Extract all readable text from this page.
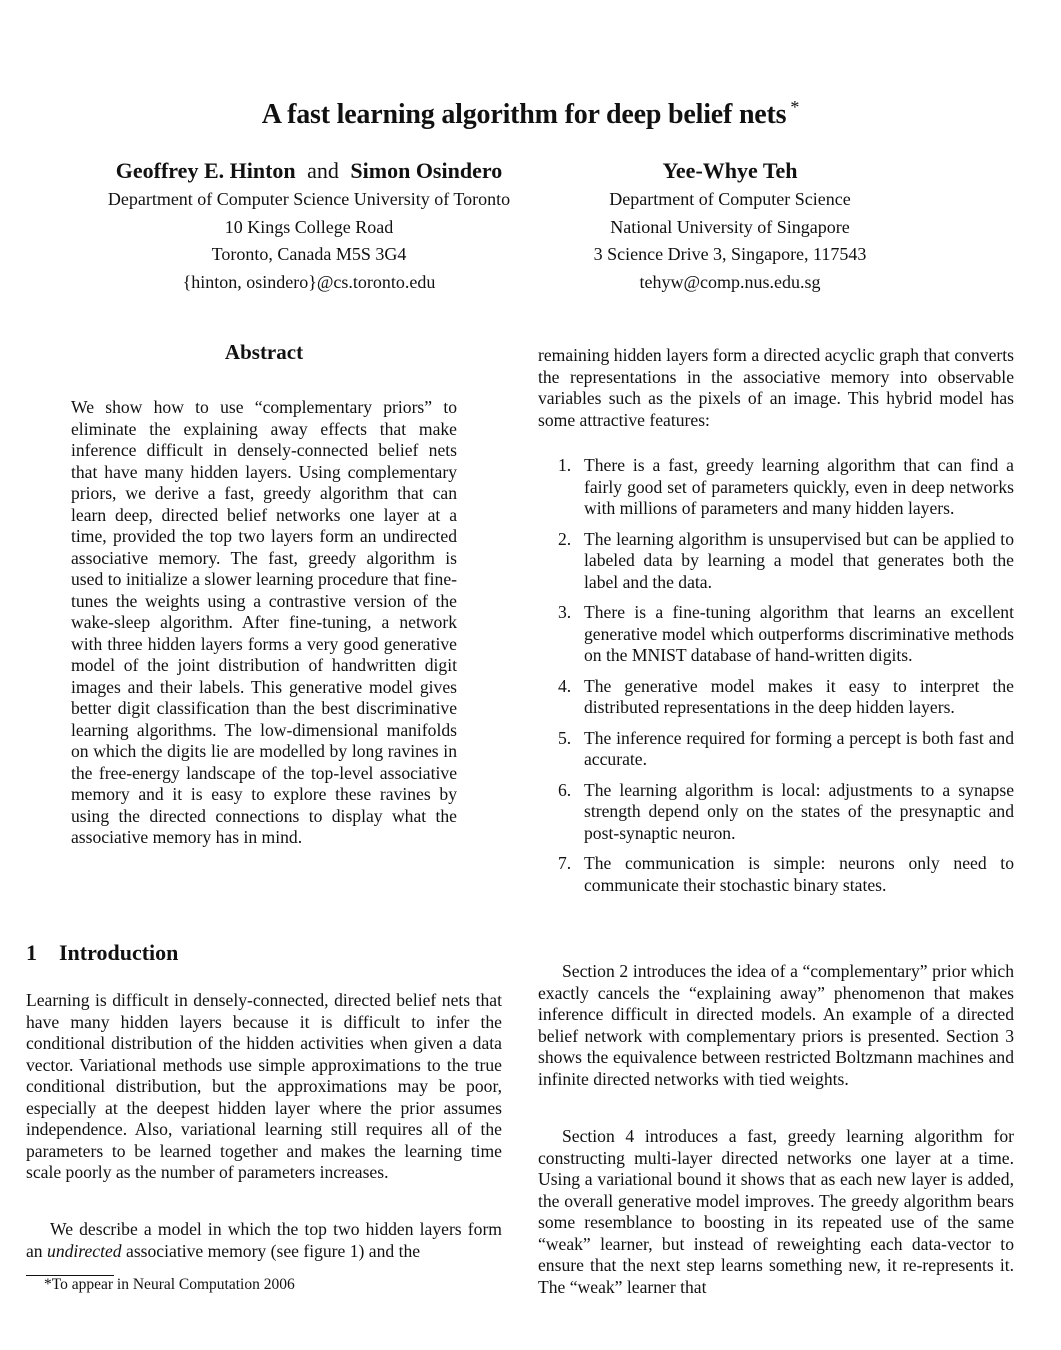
A fast learning algorithm for deep belief nets *
Geoffrey E. Hinton and Simon Osindero
Department of Computer Science University of Toronto
10 Kings College Road
Toronto, Canada M5S 3G4
{hinton, osindero}@cs.toronto.edu
Yee-Whye Teh
Department of Computer Science
National University of Singapore
3 Science Drive 3, Singapore, 117543
tehyw@comp.nus.edu.sg
Abstract
We show how to use “complementary priors” to eliminate the explaining away effects that make inference difficult in densely-connected belief nets that have many hidden layers. Using complementary priors, we derive a fast, greedy algorithm that can learn deep, directed belief networks one layer at a time, provided the top two layers form an undirected associative memory. The fast, greedy algorithm is used to initialize a slower learning procedure that fine-tunes the weights using a contrastive version of the wake-sleep algorithm. After fine-tuning, a network with three hidden layers forms a very good generative model of the joint distribution of handwritten digit images and their labels. This generative model gives better digit classification than the best discriminative learning algorithms. The low-dimensional manifolds on which the digits lie are modelled by long ravines in the free-energy landscape of the top-level associative memory and it is easy to explore these ravines by using the directed connections to display what the associative memory has in mind.
1 Introduction
Learning is difficult in densely-connected, directed belief nets that have many hidden layers because it is difficult to infer the conditional distribution of the hidden activities when given a data vector. Variational methods use simple approximations to the true conditional distribution, but the approximations may be poor, especially at the deepest hidden layer where the prior assumes independence. Also, variational learning still requires all of the parameters to be learned together and makes the learning time scale poorly as the number of parameters increases.
We describe a model in which the top two hidden layers form an undirected associative memory (see figure 1) and the
*To appear in Neural Computation 2006
remaining hidden layers form a directed acyclic graph that converts the representations in the associative memory into observable variables such as the pixels of an image. This hybrid model has some attractive features:
1. There is a fast, greedy learning algorithm that can find a fairly good set of parameters quickly, even in deep networks with millions of parameters and many hidden layers.
2. The learning algorithm is unsupervised but can be applied to labeled data by learning a model that generates both the label and the data.
3. There is a fine-tuning algorithm that learns an excellent generative model which outperforms discriminative methods on the MNIST database of hand-written digits.
4. The generative model makes it easy to interpret the distributed representations in the deep hidden layers.
5. The inference required for forming a percept is both fast and accurate.
6. The learning algorithm is local: adjustments to a synapse strength depend only on the states of the presynaptic and post-synaptic neuron.
7. The communication is simple: neurons only need to communicate their stochastic binary states.
Section 2 introduces the idea of a “complementary” prior which exactly cancels the “explaining away” phenomenon that makes inference difficult in directed models. An example of a directed belief network with complementary priors is presented. Section 3 shows the equivalence between restricted Boltzmann machines and infinite directed networks with tied weights.
Section 4 introduces a fast, greedy learning algorithm for constructing multi-layer directed networks one layer at a time. Using a variational bound it shows that as each new layer is added, the overall generative model improves. The greedy algorithm bears some resemblance to boosting in its repeated use of the same “weak” learner, but instead of reweighting each data-vector to ensure that the next step learns something new, it re-represents it. The “weak” learner that
